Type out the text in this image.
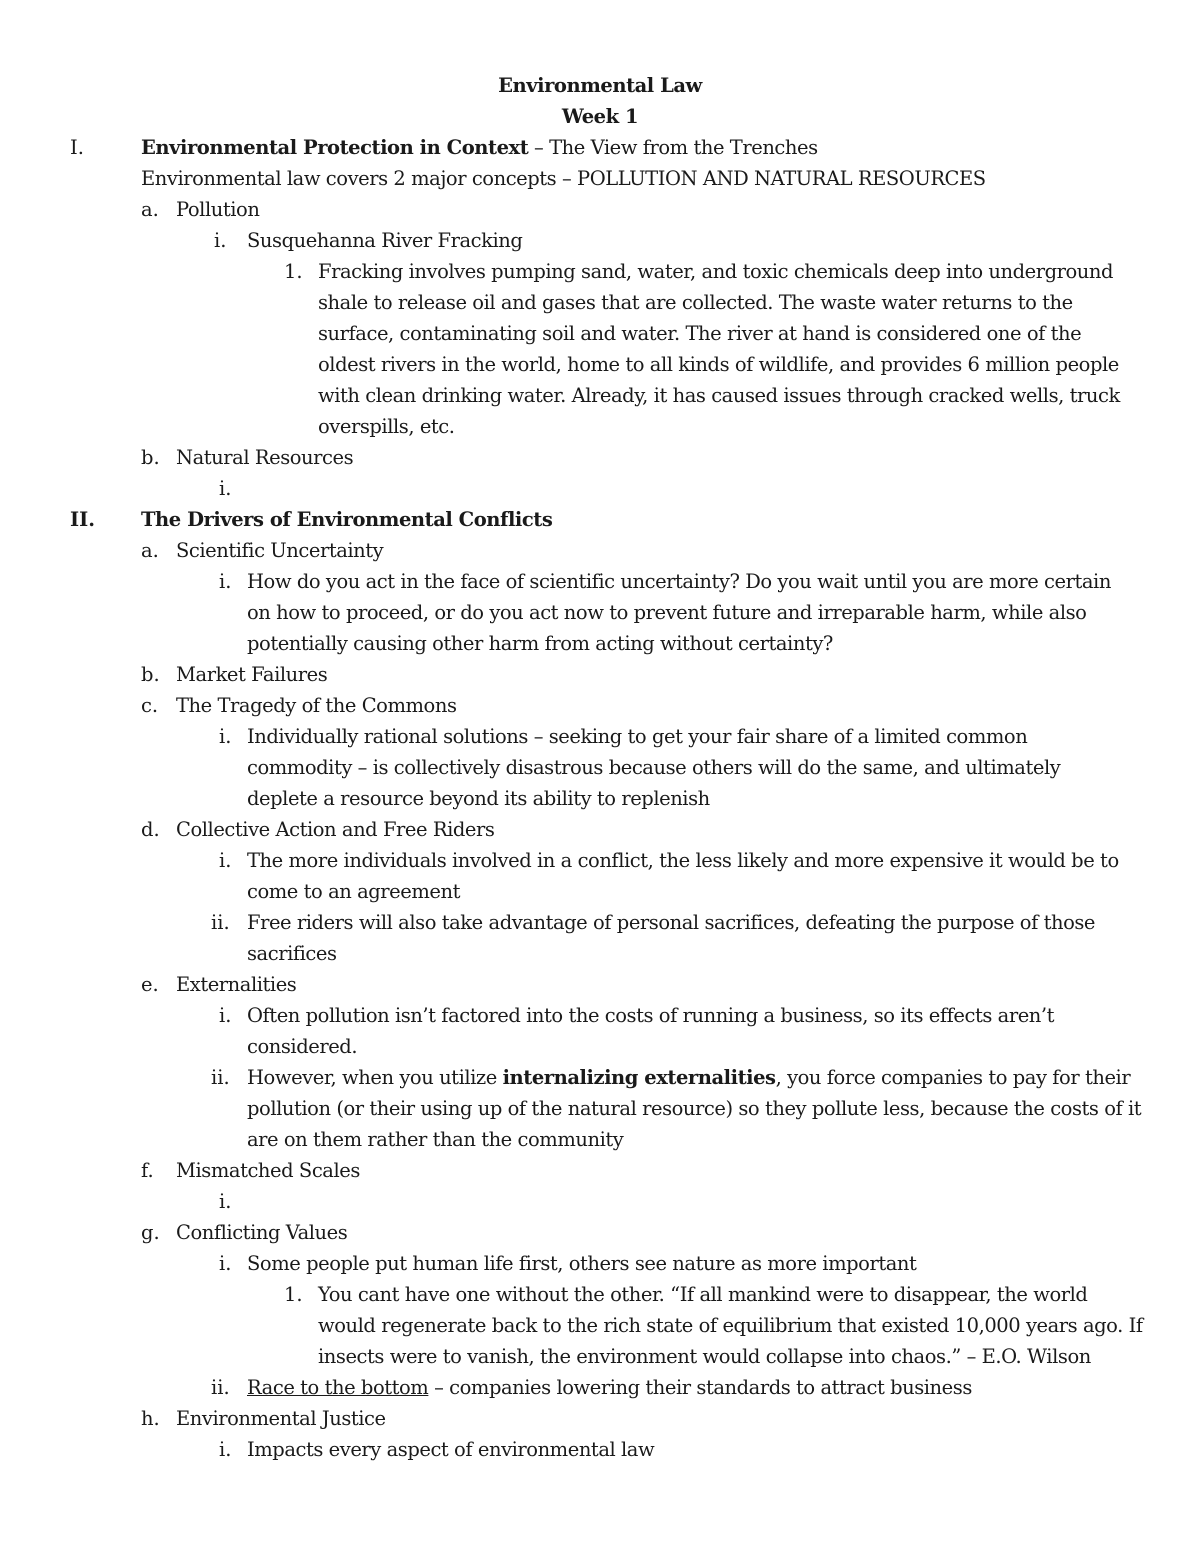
Environmental Law
Week 1
I.	Environmental Protection in Context – The View from the Trenches
Environmental law covers 2 major concepts – POLLUTION AND NATURAL RESOURCES
a. Pollution
i. Susquehanna River Fracking
1. Fracking involves pumping sand, water, and toxic chemicals deep into underground
shale to release oil and gases that are collected. The waste water returns to the
surface, contaminating soil and water. The river at hand is considered one of the
oldest rivers in the world, home to all kinds of wildlife, and provides 6 million people
with clean drinking water. Already, it has caused issues through cracked wells, truck
overspills, etc.
b. Natural Resources
i.
II. The Drivers of Environmental Conflicts
a. Scientific Uncertainty
i. How do you act in the face of scientific uncertainty? Do you wait until you are more certain
on how to proceed, or do you act now to prevent future and irreparable harm, while also
potentially causing other harm from acting without certainty?
b. Market Failures
c. The Tragedy of the Commons
i. Individually rational solutions – seeking to get your fair share of a limited common
commodity – is collectively disastrous because others will do the same, and ultimately
deplete a resource beyond its ability to replenish
d. Collective Action and Free Riders
i. The more individuals involved in a conflict, the less likely and more expensive it would be to
come to an agreement
ii. Free riders will also take advantage of personal sacrifices, defeating the purpose of those
sacrifices
e. Externalities
i. Often pollution isn’t factored into the costs of running a business, so its effects aren’t
considered.
ii. However, when you utilize internalizing externalities, you force companies to pay for their
pollution (or their using up of the natural resource) so they pollute less, because the costs of it
are on them rather than the community
f. Mismatched Scales
i.
g. Conflicting Values
i. Some people put human life first, others see nature as more important
1. You cant have one without the other. “If all mankind were to disappear, the world
would regenerate back to the rich state of equilibrium that existed 10,000 years ago. If
insects were to vanish, the environment would collapse into chaos.” – E.O. Wilson
ii. Race to the bottom – companies lowering their standards to attract business
h. Environmental Justice
i. Impacts every aspect of environmental law
